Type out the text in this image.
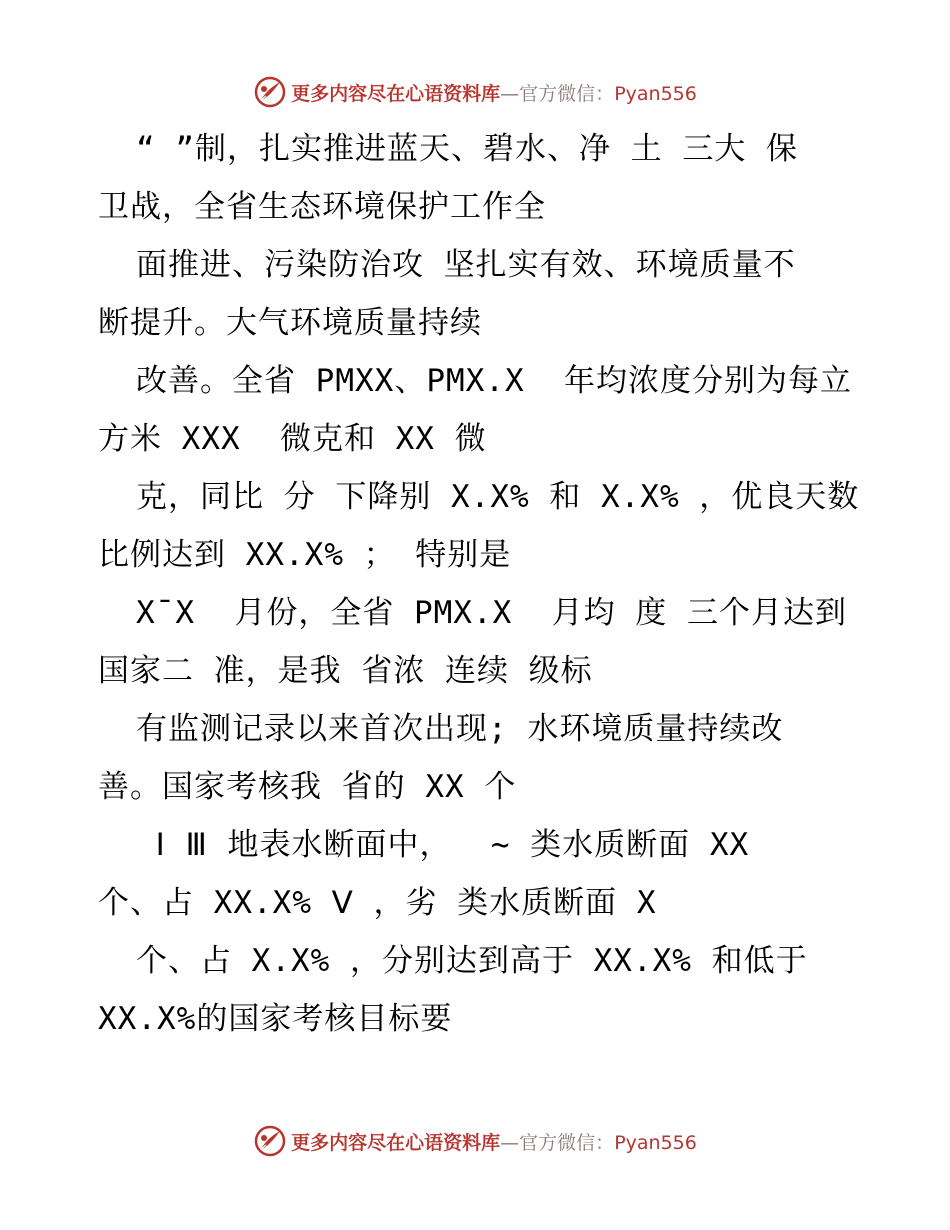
更多内容尽在心语资料库—官方微信：Pyan556
“ ”制，扎实推进蓝天、碧水、净 土 三大 保
卫战，全省生态环境保护工作全
面推进、污染防治攻 坚扎实有效、环境质量不
断提升。大气环境质量持续
改善。全省 PMXX、PMX.X  年均浓度分别为每立
方米 XXX  微克和 XX 微
克，同比 分 下降别 X.X% 和 X.X% ，优良天数
比例达到 XX.X% ； 特别是
X¯X  月份，全省 PMX.X  月均 度 三个月达到
国家二 准，是我 省浓 连续 级标
有监测记录以来首次出现; 水环境质量持续改
善。国家考核我 省的 XX 个
Ⅰ Ⅲ 地表水断面中，  ~ 类水质断面 XX
个、占 XX.X% Ⅴ ，劣 类水质断面 X
个、占 X.X% ，分别达到高于 XX.X% 和低于
XX.X%的国家考核目标要
更多内容尽在心语资料库—官方微信：Pyan556
